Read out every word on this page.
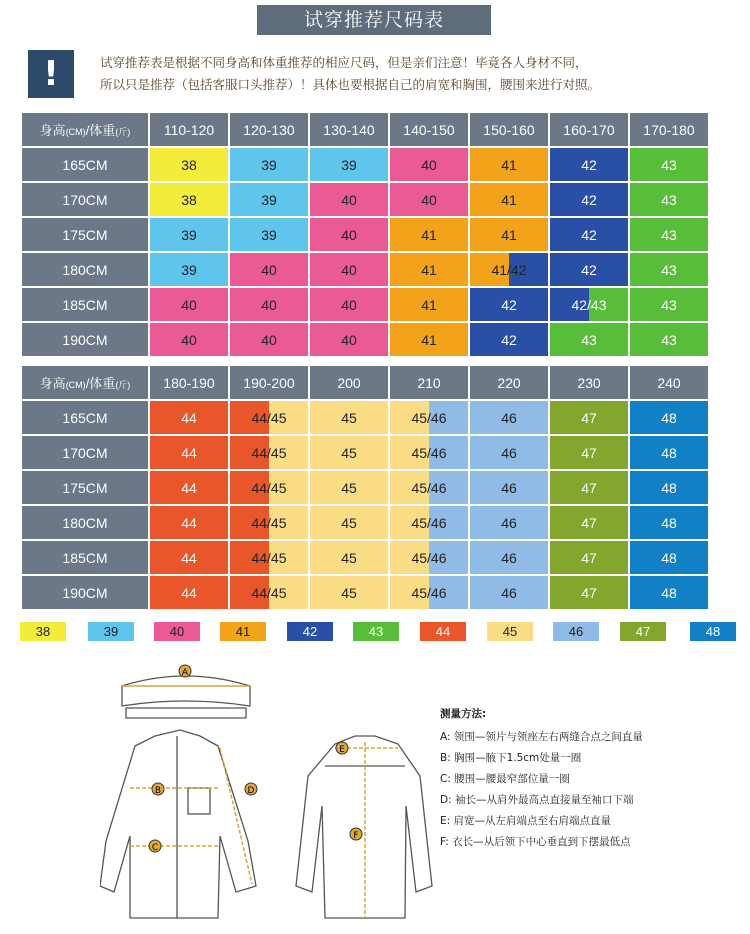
试穿推荐尺码表
!	试穿推荐表是根据不同身高和体重推荐的相应尺码，但是亲们注意！毕竟各人身材不同，
所以只是推荐（包括客服口头推荐）！具体也要根据自己的肩宽和胸围，腰围来进行对照。
身高(CM)/体重(斤)	110-120	120-130	130-140	140-150	150-160	160-170	170-180
165CM	38	39	39	40	41	42	43
170CM	38	39	40	40	41	42	43
175CM	39	39	40	41	41	42	43
180CM	39	40	40	41	41/42	42	43
185CM	40	40	40	41	42	42/43	43
190CM	40	40	40	41	42	43	43
身高(CM)/体重(斤)	180-190	190-200	200	210	220	230	240
165CM	44	44/45	45	45/46	46	47	48
170CM	44	44/45	45	45/46	46	47	48
175CM	44	44/45	45	45/46	46	47	48
180CM	44	44/45	45	45/46	46	47	48
185CM	44	44/45	45	45/46	46	47	48
190CM	44	44/45	45	45/46	46	47	48
38	39	40	41	42	43	44	45	46	47	48
A
B
C
D
E
F
测量方法:
A: 领围—领片与领座左右两缝合点之间直量
B: 胸围—腋下1.5cm处量一圈
C: 腰围—腰最窄部位量一圈
D: 袖长—从肩外最高点直接量至袖口下端
E: 肩宽—从左肩端点至右肩端点直量
F: 衣长—从后领下中心垂直到下摆最低点
